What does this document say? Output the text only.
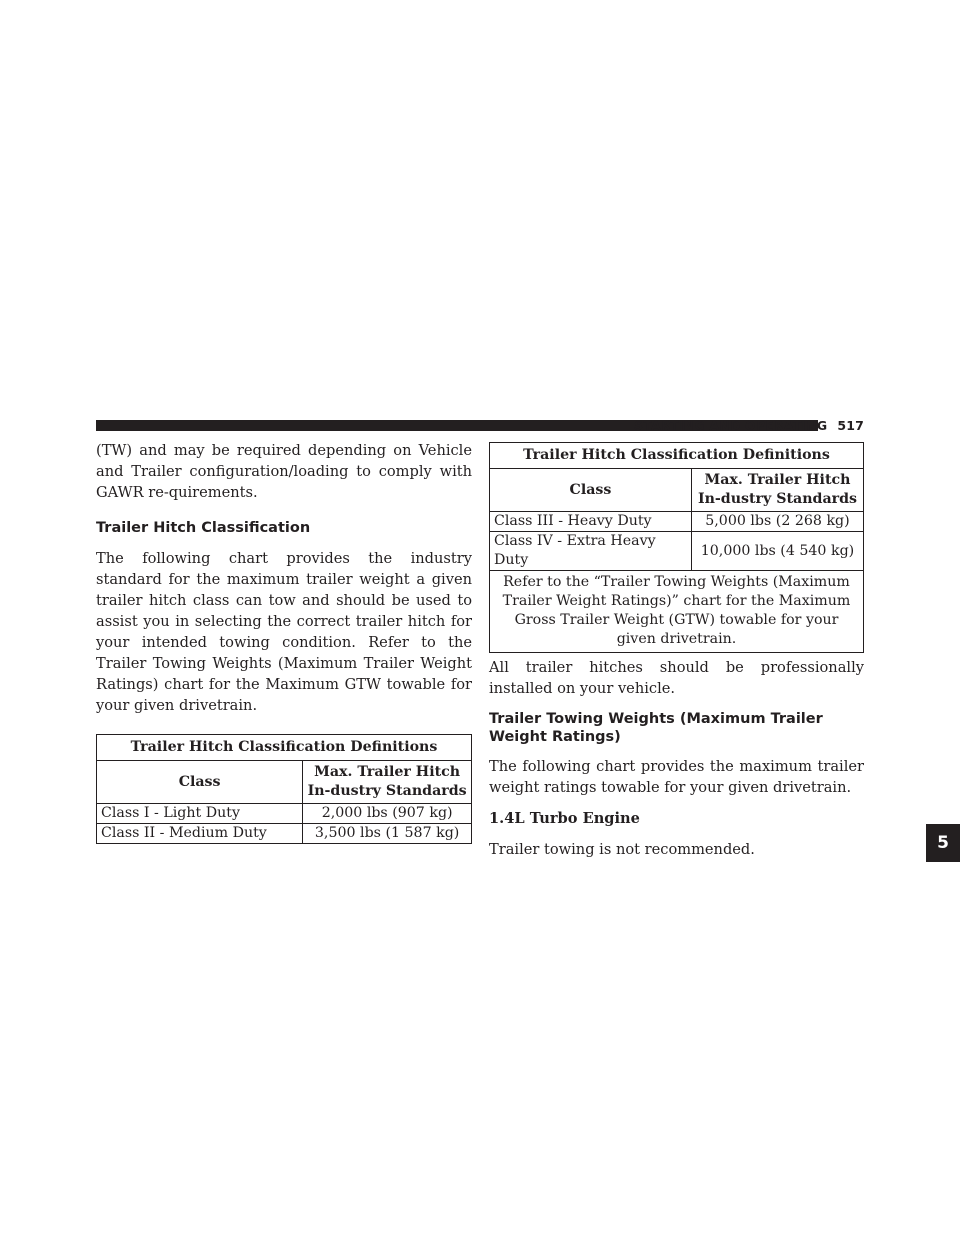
STARTING AND OPERATING 517
5

(TW) and may be required depending on Vehicle and Trailer configuration/loading to comply with GAWR re-quirements.

Trailer Hitch Classification

The following chart provides the industry standard for the maximum trailer weight a given trailer hitch class can tow and should be used to assist you in selecting the correct trailer hitch for your intended towing condition. Refer to the Trailer Towing Weights (Maximum Trailer Weight Ratings) chart for the Maximum GTW towable for your given drivetrain.

Trailer Hitch Classification Definitions	
Class	Max. Trailer Hitch In-dustry Standards
Class I - Light Duty	2,000 lbs (907 kg)
Class II - Medium Duty	3,500 lbs (1 587 kg)
Trailer Hitch Classification Definitions	
Class	Max. Trailer Hitch In-dustry Standards
Class III - Heavy Duty	5,000 lbs (2 268 kg)
Class IV - Extra Heavy Duty	10,000 lbs (4 540 kg)
Refer to the “Trailer Towing Weights (Maximum Trailer Weight Ratings)” chart for the Maximum Gross Trailer Weight (GTW) towable for your given drivetrain.	

All trailer hitches should be professionally installed on your vehicle.

Trailer Towing Weights (Maximum Trailer Weight Ratings)

The following chart provides the maximum trailer weight ratings towable for your given drivetrain.

1.4L Turbo Engine

Trailer towing is not recommended.
